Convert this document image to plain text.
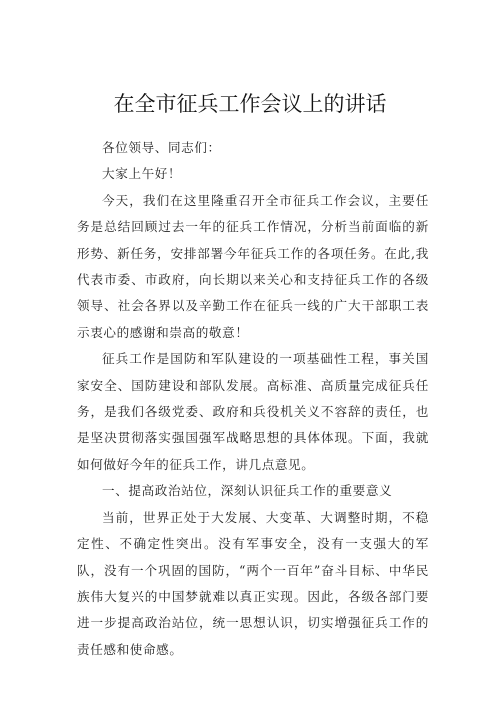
在全市征兵工作会议上的讲话

各位领导、同志们：

大家上午好！

今天，我们在这里隆重召开全市征兵工作会议，主要任务是总结回顾过去一年的征兵工作情况，分析当前面临的新形势、新任务，安排部署今年征兵工作的各项任务。在此,我代表市委、市政府，向长期以来关心和支持征兵工作的各级领导、社会各界以及辛勤工作在征兵一线的广大干部职工表示衷心的感谢和崇高的敬意！

征兵工作是国防和军队建设的一项基础性工程，事关国家安全、国防建设和部队发展。高标准、高质量完成征兵任务，是我们各级党委、政府和兵役机关义不容辞的责任，也是坚决贯彻落实强国强军战略思想的具体体现。下面，我就如何做好今年的征兵工作，讲几点意见。

一、提高政治站位，深刻认识征兵工作的重要意义

当前，世界正处于大发展、大变革、大调整时期，不稳定性、不确定性突出。没有军事安全，没有一支强大的军队，没有一个巩固的国防，“两个一百年”奋斗目标、中华民族伟大复兴的中国梦就难以真正实现。因此，各级各部门要进一步提高政治站位，统一思想认识，切实增强征兵工作的责任感和使命感。
